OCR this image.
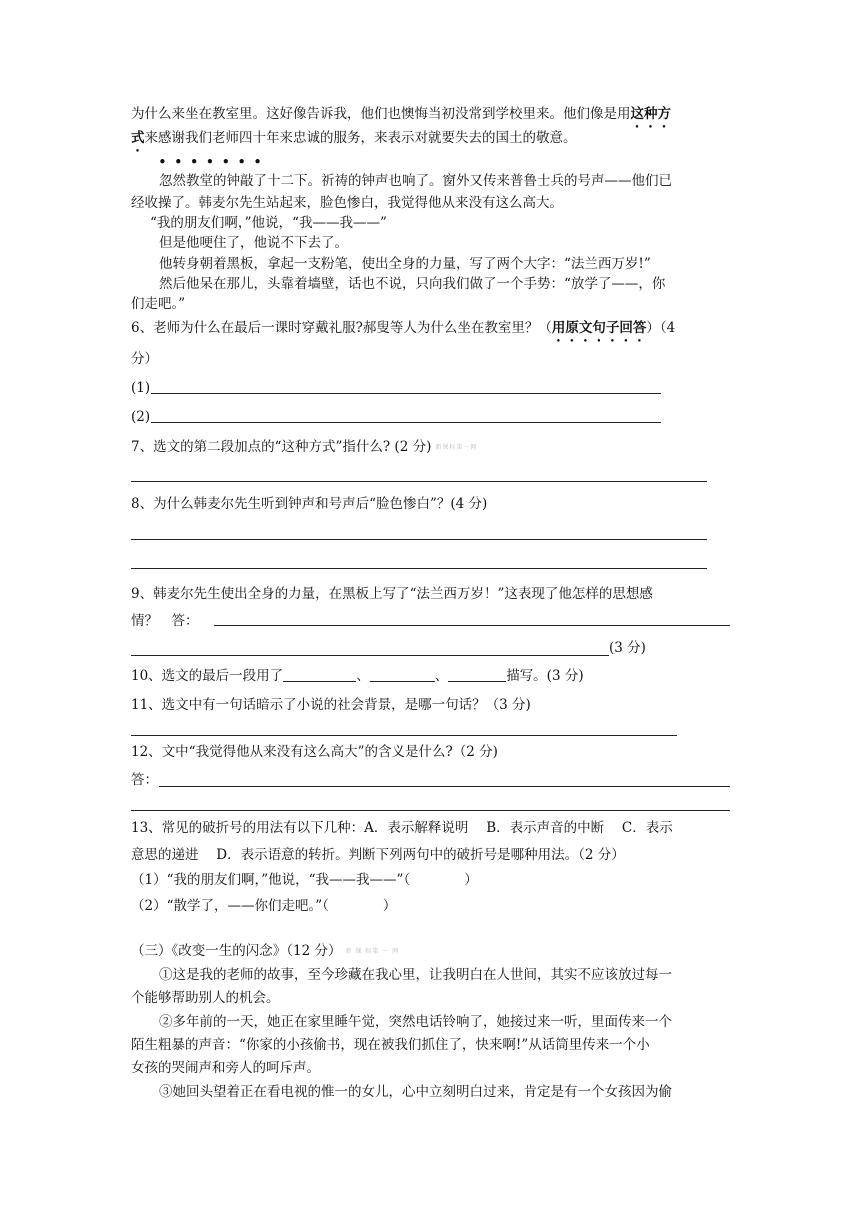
为什么来坐在教室里。这好像告诉我，他们也懊悔当初没常到学校里来。他们像是用这种方
式来感谢我们老师四十年来忠诚的服务，来表示对就要失去的国土的敬意。
•••••••
忽然教堂的钟敲了十二下。祈祷的钟声也响了。窗外又传来普鲁士兵的号声——他们已
经收操了。韩麦尔先生站起来，脸色惨白，我觉得他从来没有这么高大。
“我的朋友们啊，”他说，“我——我——”
但是他哽住了，他说不下去了。
他转身朝着黑板，拿起一支粉笔，使出全身的力量，写了两个大字：“法兰西万岁!”
然后他呆在那儿，头靠着墙壁，话也不说，只向我们做了一个手势：“放学了——，你
们走吧。”
6、老师为什么在最后一课时穿戴礼服?郝叟等人为什么坐在教室里？（用原文句子回答）（4
分）
(1)
(2)
7、选文的第二段加点的“这种方式”指什么? (2 分) 新课标第一网
8、为什么韩麦尔先生听到钟声和号声后“脸色惨白”？(4 分)
9、韩麦尔先生使出全身的力量，在黑板上写了“法兰西万岁！”这表现了他怎样的思想感
情？　答：
(3 分)
10、选文的最后一段用了	、	、	描写。(3 分)
11、选文中有一句话暗示了小说的社会背景，是哪一句话？（3 分)
12、文中“我觉得他从来没有这么高大”的含义是什么?（2 分)
答：
13、常见的破折号的用法有以下几种：A．表示解释说明　 B．表示声音的中断　 C．表示
意思的递进　 D．表示语意的转折。判断下列两句中的破折号是哪种用法。（2 分）
（1）“我的朋友们啊，”他说，“我——我——”（　　　　）
（2）“散学了，——你们走吧。”（　　　　）
（三）《改变一生的闪念》（12 分） 新 课 标第 一 网
①这是我的老师的故事，至今珍藏在我心里，让我明白在人世间，其实不应该放过每一
个能够帮助别人的机会。
②多年前的一天，她正在家里睡午觉，突然电话铃响了，她接过来一听，里面传来一个
陌生粗暴的声音：“你家的小孩偷书，现在被我们抓住了，快来啊!”从话筒里传来一个小
女孩的哭闹声和旁人的呵斥声。
③她回头望着正在看电视的惟一的女儿，心中立刻明白过来，肯定是有一个女孩因为偷
